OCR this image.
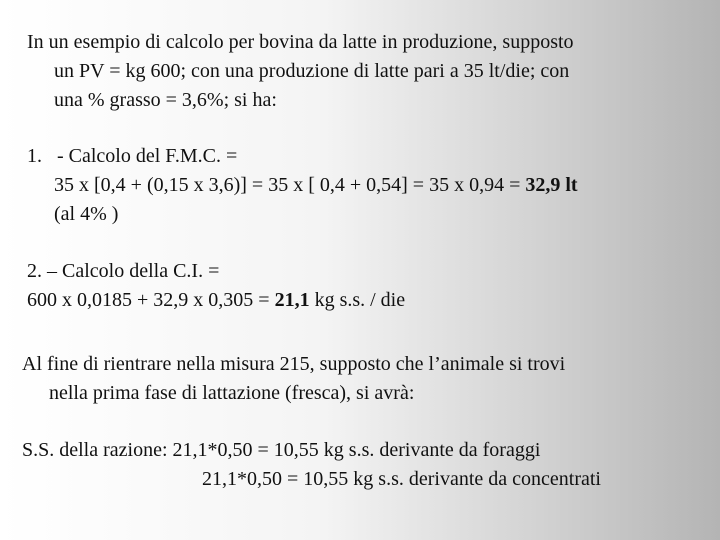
In un esempio di calcolo per bovina da latte in produzione, supposto
un PV = kg 600; con una produzione di latte pari a 35 lt/die; con
una % grasso = 3,6%; si ha:
1. - Calcolo del F.M.C. =
35 x [0,4 + (0,15 x 3,6)] = 35 x [ 0,4 + 0,54] = 35 x 0,94 = 32,9 lt
(al 4% )
2. – Calcolo della C.I. =
600 x 0,0185 + 32,9 x 0,305 = 21,1 kg s.s. / die
Al fine di rientrare nella misura 215, supposto che l’animale si trovi
nella prima fase di lattazione (fresca), si avrà:
S.S. della razione: 21,1*0,50 = 10,55 kg s.s. derivante da foraggi
21,1*0,50 = 10,55 kg s.s. derivante da concentrati
